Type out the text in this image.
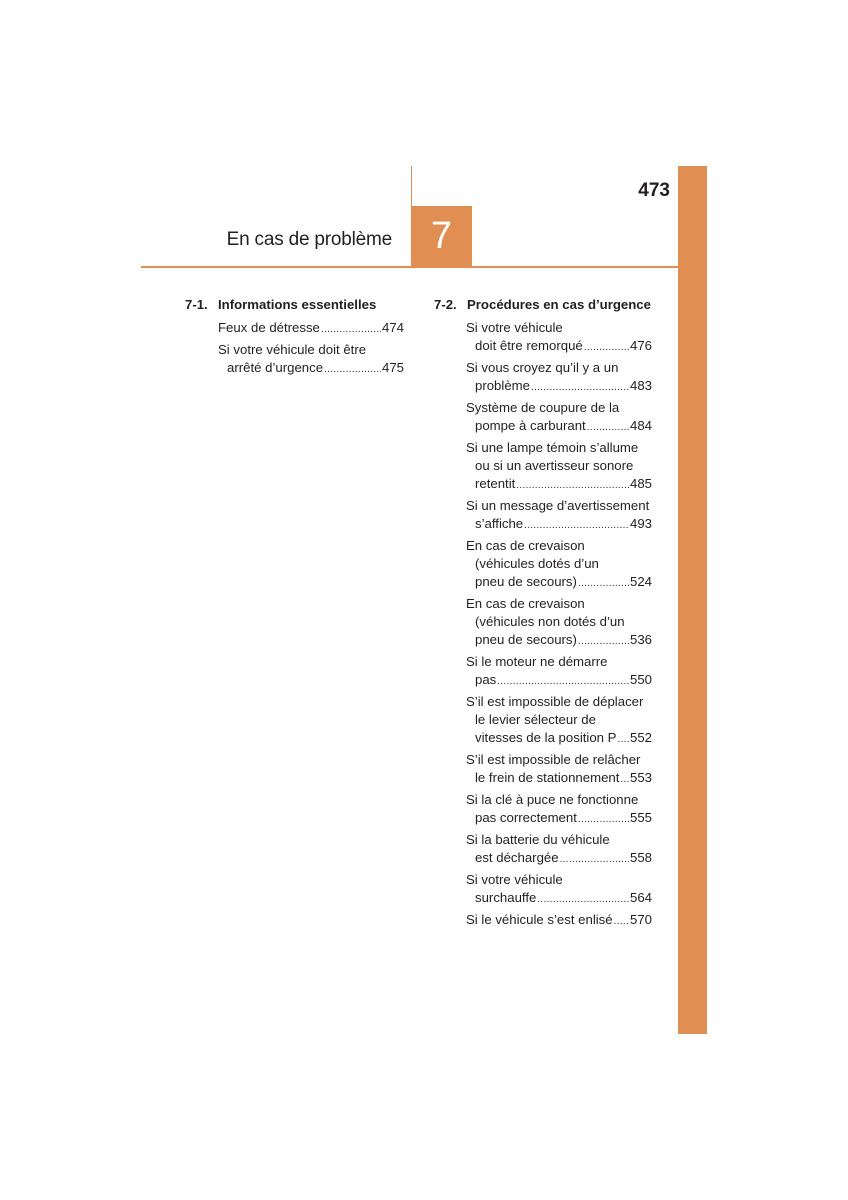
7
473
En cas de problème
7-1. Informations essentielles
Feux de détresse .....	474
Si votre véhicule doit être
arrêté d’urgence .....	475
7-2. Procédures en cas d’urgence
Si votre véhicule
doit être remorqué .....	476
Si vous croyez qu’il y a un
problème .....	483
Système de coupure de la
pompe à carburant .....	484
Si une lampe témoin s’allume
ou si un avertisseur sonore
retentit .....	485
Si un message d’avertissement
s’affiche .....	493
En cas de crevaison
(véhicules dotés d’un
pneu de secours) .....	524
En cas de crevaison
(véhicules non dotés d’un
pneu de secours) .....	536
Si le moteur ne démarre
pas .....	550
S’il est impossible de déplacer
le levier sélecteur de
vitesses de la position P ..... 552
S’il est impossible de relâcher
le frein de stationnement ..... 553
Si la clé à puce ne fonctionne
pas correctement .....	555
Si la batterie du véhicule
est déchargée .....	558
Si votre véhicule
surchauffe .....	564
Si le véhicule s’est enlisé ..... 570
